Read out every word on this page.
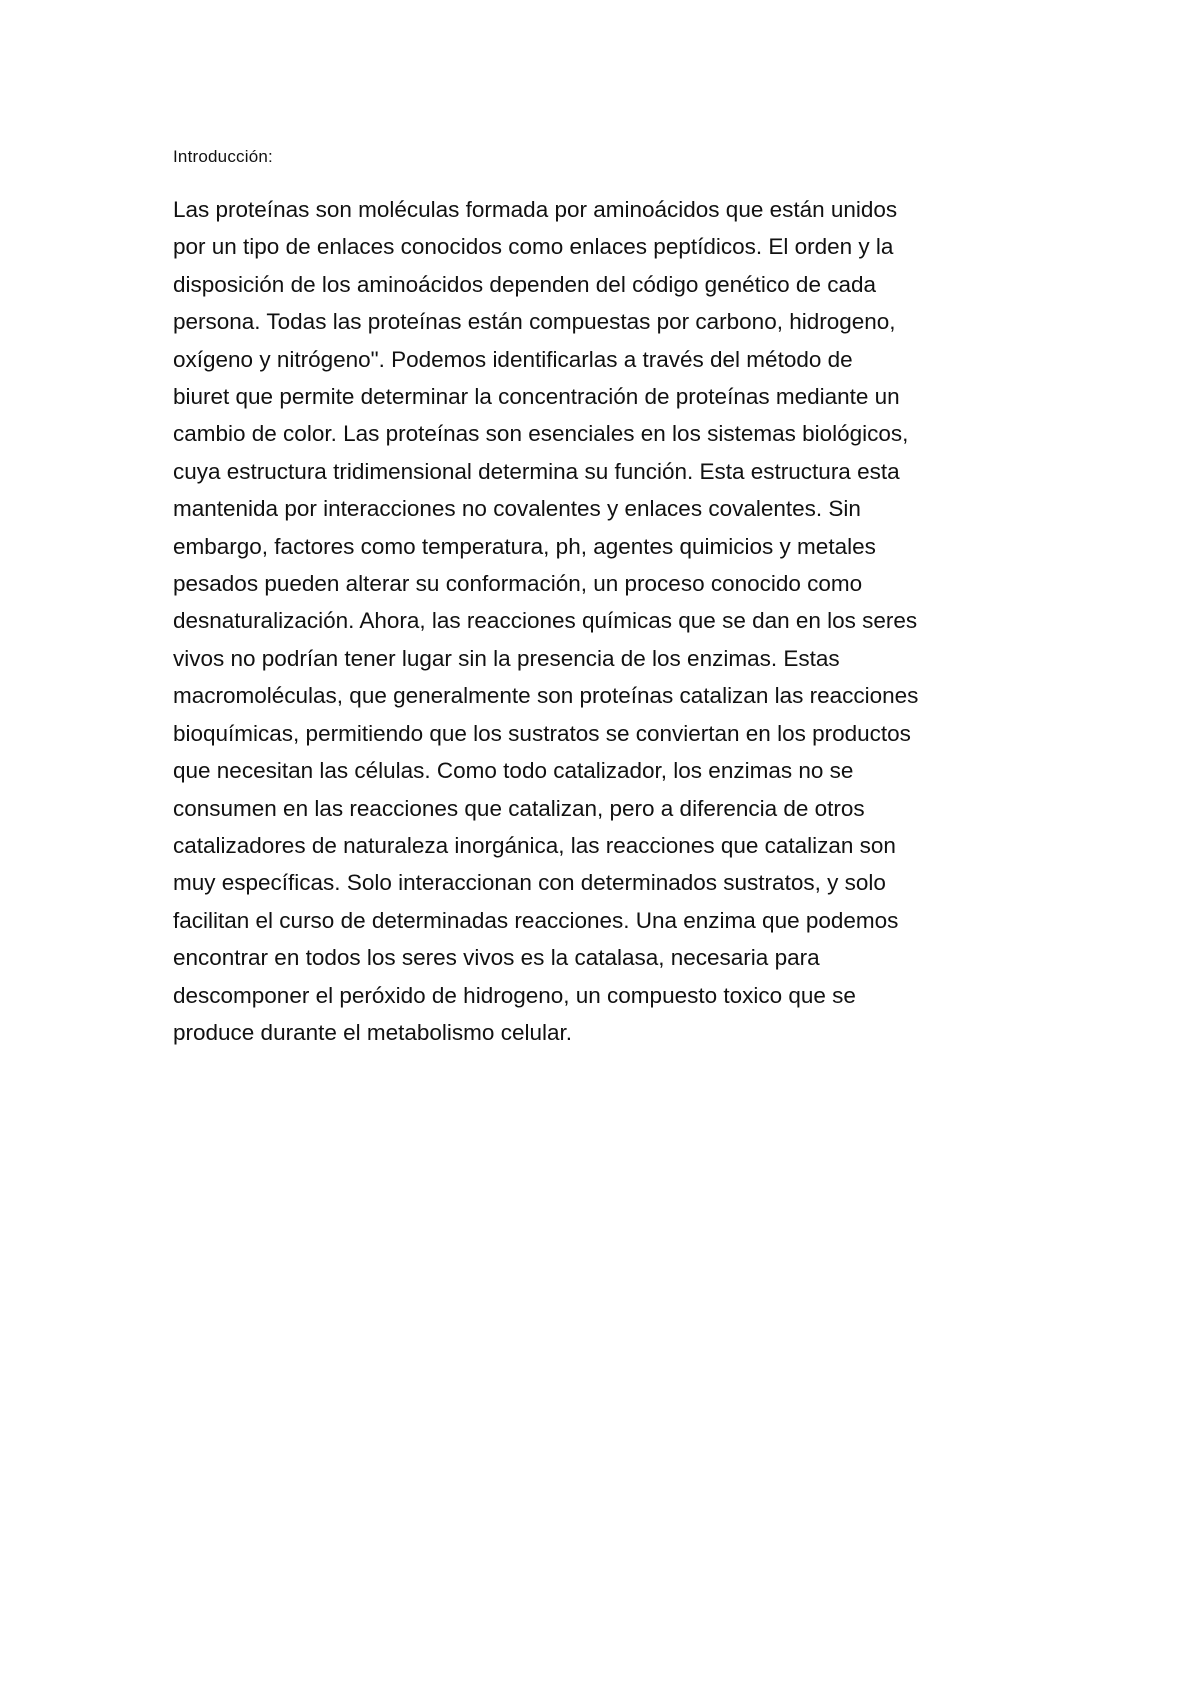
Introducción:

Las proteínas son moléculas formada por aminoácidos que están unidos
por un tipo de enlaces conocidos como enlaces peptídicos. El orden y la
disposición de los aminoácidos dependen del código genético de cada
persona. Todas las proteínas están compuestas por carbono, hidrogeno,
oxígeno y nitrógeno". Podemos identificarlas a través del método de
biuret que permite determinar la concentración de proteínas mediante un
cambio de color. Las proteínas son esenciales en los sistemas biológicos,
cuya estructura tridimensional determina su función. Esta estructura esta
mantenida por interacciones no covalentes y enlaces covalentes. Sin
embargo, factores como temperatura, ph, agentes quimicios y metales
pesados pueden alterar su conformación, un proceso conocido como
desnaturalización. Ahora, las reacciones químicas que se dan en los seres
vivos no podrían tener lugar sin la presencia de los enzimas. Estas
macromoléculas, que generalmente son proteínas catalizan las reacciones
bioquímicas, permitiendo que los sustratos se conviertan en los productos
que necesitan las células. Como todo catalizador, los enzimas no se
consumen en las reacciones que catalizan, pero a diferencia de otros
catalizadores de naturaleza inorgánica, las reacciones que catalizan son
muy específicas. Solo interaccionan con determinados sustratos, y solo
facilitan el curso de determinadas reacciones. Una enzima que podemos
encontrar en todos los seres vivos es la catalasa, necesaria para
descomponer el peróxido de hidrogeno, un compuesto toxico que se
produce durante el metabolismo celular.
